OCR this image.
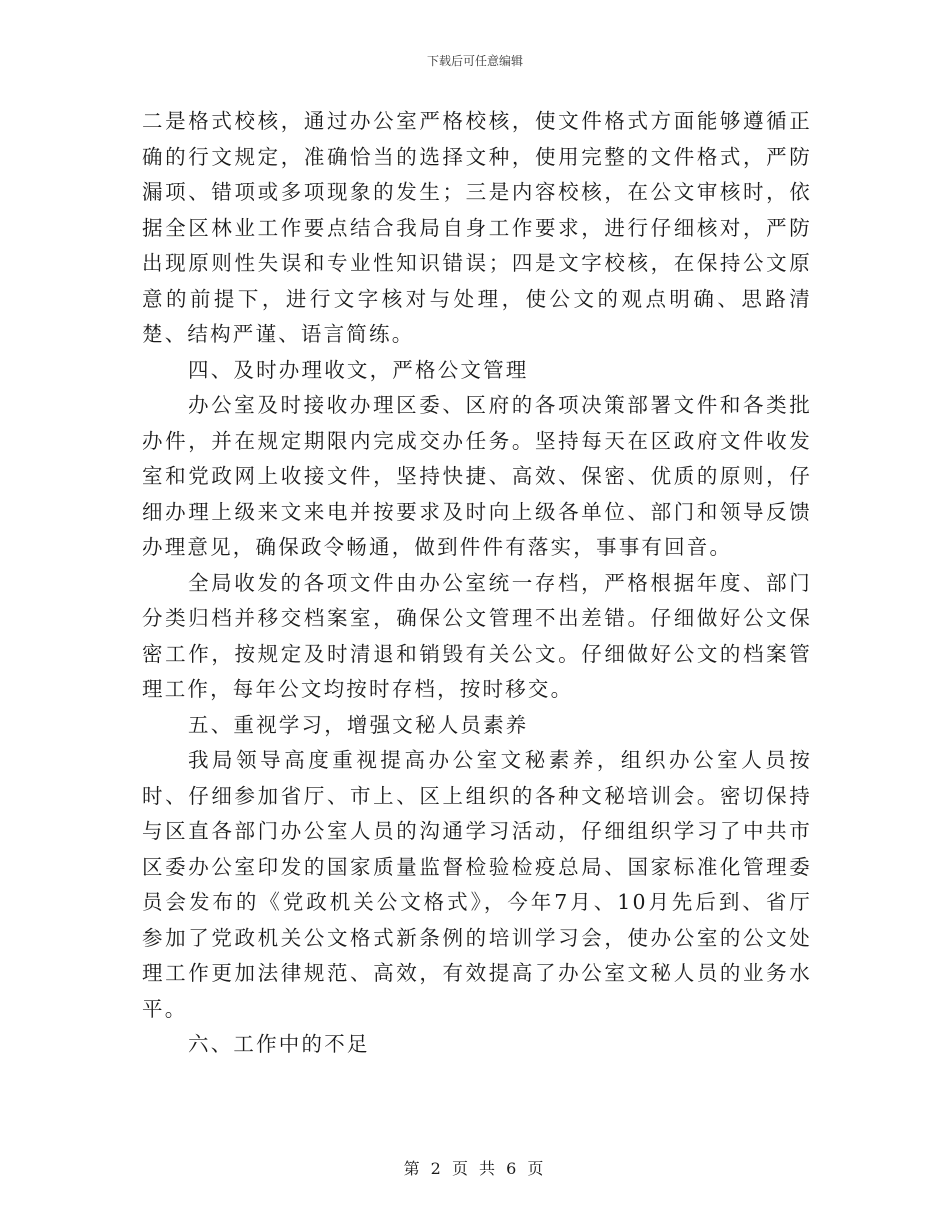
下载后可任意编辑

二是格式校核，通过办公室严格校核，使文件格式方面能够遵循正确的行文规定，准确恰当的选择文种，使用完整的文件格式，严防漏项、错项或多项现象的发生；三是内容校核，在公文审核时，依据全区林业工作要点结合我局自身工作要求，进行仔细核对，严防出现原则性失误和专业性知识错误；四是文字校核，在保持公文原意的前提下，进行文字核对与处理，使公文的观点明确、思路清楚、结构严谨、语言简练。

四、及时办理收文，严格公文管理

办公室及时接收办理区委、区府的各项决策部署文件和各类批办件，并在规定期限内完成交办任务。坚持每天在区政府文件收发室和党政网上收接文件，坚持快捷、高效、保密、优质的原则，仔细办理上级来文来电并按要求及时向上级各单位、部门和领导反馈办理意见，确保政令畅通，做到件件有落实，事事有回音。

全局收发的各项文件由办公室统一存档，严格根据年度、部门分类归档并移交档案室，确保公文管理不出差错。仔细做好公文保密工作，按规定及时清退和销毁有关公文。仔细做好公文的档案管理工作，每年公文均按时存档，按时移交。

五、重视学习，增强文秘人员素养

我局领导高度重视提高办公室文秘素养，组织办公室人员按时、仔细参加省厅、市上、区上组织的各种文秘培训会。密切保持与区直各部门办公室人员的沟通学习活动，仔细组织学习了中共市区委办公室印发的国家质量监督检验检疫总局、国家标准化管理委员会发布的《党政机关公文格式》，今年7月、10月先后到、省厅参加了党政机关公文格式新条例的培训学习会，使办公室的公文处理工作更加法律规范、高效，有效提高了办公室文秘人员的业务水平。

六、工作中的不足

第 2 页 共 6 页
